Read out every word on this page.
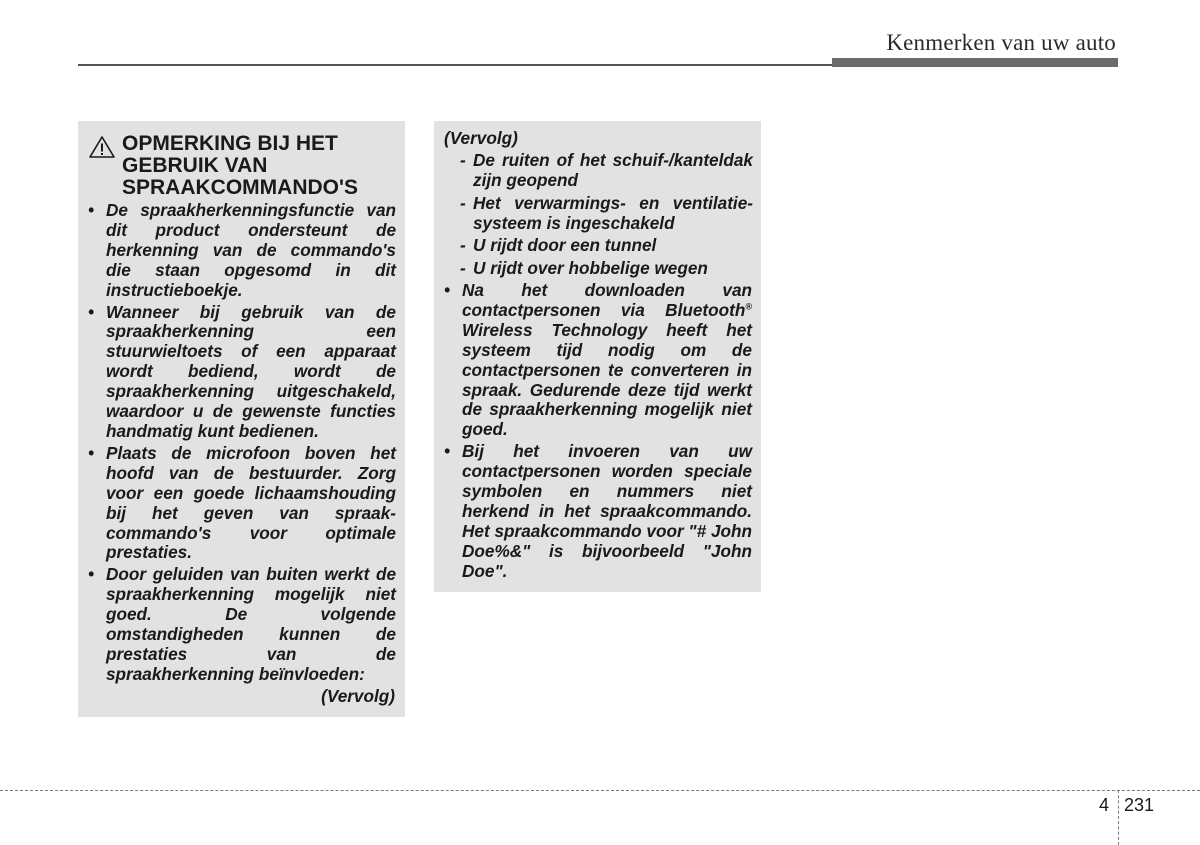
Kenmerken van uw auto
OPMERKING BIJ HET GEBRUIK VAN SPRAAKCOMMANDO'S
• De spraakherkenningsfunctie van dit product ondersteunt de herkenning van de commando's die staan opgesomd in dit instructieboekje.
• Wanneer bij gebruik van de spraakherkenning een stuurwieltoets of een apparaat wordt bediend, wordt de spraakherkenning uitgeschakeld, waardoor u de gewenste functies handmatig kunt bedienen.
• Plaats de microfoon boven het hoofd van de bestuurder. Zorg voor een goede lichaamshouding bij het geven van spraak-commando's voor optimale prestaties.
• Door geluiden van buiten werkt de spraakherkenning mogelijk niet goed. De volgende omstandigheden kunnen de prestaties van de spraakherkenning beïnvloeden:
(Vervolg)
(Vervolg)
- De ruiten of het schuif-/kanteldak zijn geopend
- Het verwarmings- en ventilatie-systeem is ingeschakeld
- U rijdt door een tunnel
- U rijdt over hobbelige wegen
• Na het downloaden van contactpersonen via Bluetooth® Wireless Technology heeft het systeem tijd nodig om de contactpersonen te converteren in spraak. Gedurende deze tijd werkt de spraakherkenning mogelijk niet goed.
• Bij het invoeren van uw contactpersonen worden speciale symbolen en nummers niet herkend in het spraakcommando. Het spraakcommando voor "# John Doe%&" is bijvoorbeeld "John Doe".
4 231
